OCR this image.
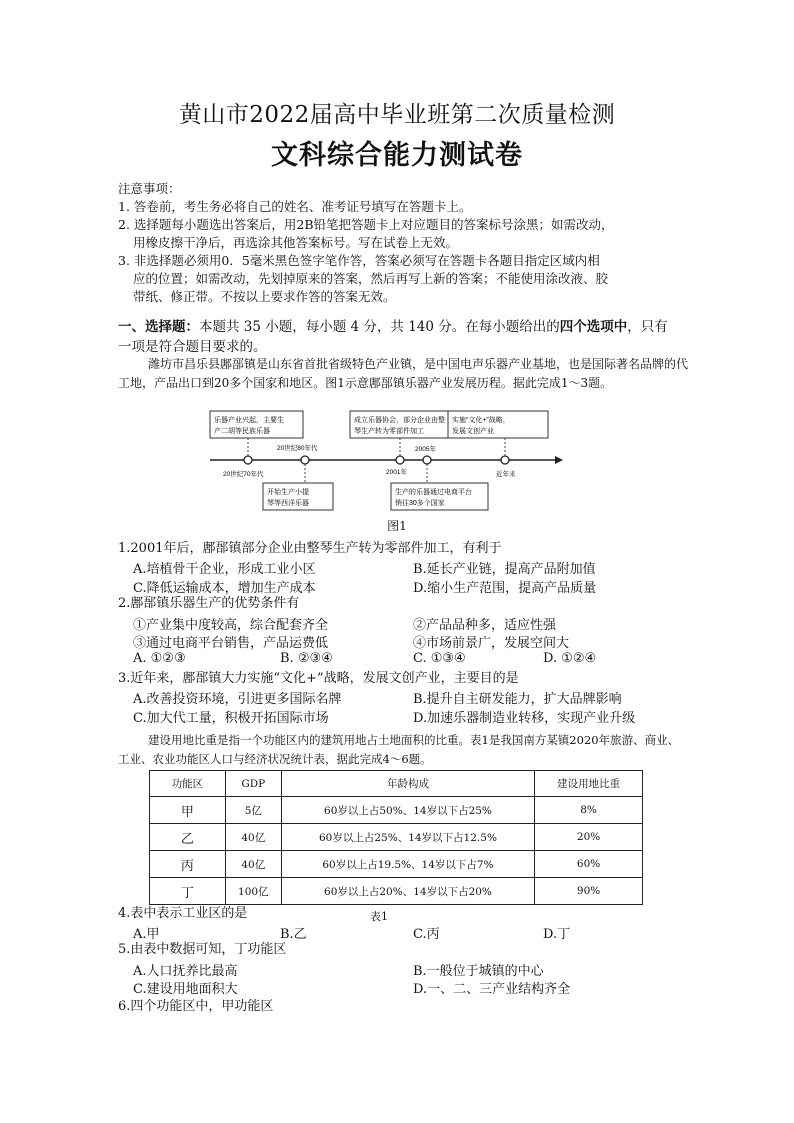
黄山市2022届高中毕业班第二次质量检测
文科综合能力测试卷
注意事项：
1. 答卷前，考生务必将自己的姓名、准考证号填写在答题卡上。
2. 选择题每小题选出答案后，用2B铅笔把答题卡上对应题目的答案标号涂黑；如需改动，
用橡皮擦干净后，再选涂其他答案标号。写在试卷上无效。
3. 非选择题必须用0．5毫米黑色签字笔作答，答案必须写在答题卡各题目指定区域内相
应的位置；如需改动，先划掉原来的答案，然后再写上新的答案；不能使用涂改液、胶
带纸、修正带。不按以上要求作答的答案无效。
一、选择题：本题共 35 小题，每小题 4 分，共 140 分。在每小题给出的四个选项中，只有
一项是符合题目要求的。
潍坊市昌乐县鄌郚镇是山东省首批省级特色产业镇，是中国电声乐器产业基地，也是国际著名品牌的代工地，产品出口到20多个国家和地区。图1示意鄌郚镇乐器产业发展历程。据此完成1～3题。
乐器产业兴起，主要生
产二胡等民族乐器
成立乐器协会，部分企业由整
琴生产转为零部件加工
实施“文化+”战略，
发展文创产业
开始生产小提
琴等西洋乐器
生产的乐器通过电商平台
销往30多个国家
20世纪70年代
20世纪80年代
2001年
2005年
近年来
图1
1.2001年后，鄌郚镇部分企业由整琴生产转为零部件加工，有利于
A.培植骨干企业，形成工业小区	B.延长产业链，提高产品附加值
C.降低运输成本，增加生产成本	D.缩小生产范围，提高产品质量
2.鄌郚镇乐器生产的优势条件有
①产业集中度较高，综合配套齐全	②产品品种多，适应性强
③通过电商平台销售，产品运费低	④市场前景广，发展空间大
A. ①②③	B. ②③④	C. ①③④	D. ①②④
3.近年来，鄌郚镇大力实施“文化+”战略，发展文创产业，主要目的是
A.改善投资环境，引进更多国际名牌	B.提升自主研发能力，扩大品牌影响
C.加大代工量，积极开拓国际市场	D.加速乐器制造业转移，实现产业升级
建设用地比重是指一个功能区内的建筑用地占土地面积的比重。表1是我国南方某镇2020年旅游、商业、工业、农业功能区人口与经济状况统计表，据此完成4～6题。
功能区	GDP	年龄构成	建设用地比重
甲	5亿	60岁以上占50%、14岁以下占25%	8%
乙	40亿	60岁以上占25%、14岁以下占12.5%	20%
丙	40亿	60岁以上占19.5%、14岁以下占7%	60%
丁	100亿	60岁以上占20%、14岁以下占20%	90%
表1
4.表中表示工业区的是
A.甲	B.乙	C.丙	D.丁
5.由表中数据可知，丁功能区
A.人口抚养比最高	B.一般位于城镇的中心
C.建设用地面积大	D.一、二、三产业结构齐全
6.四个功能区中，甲功能区
